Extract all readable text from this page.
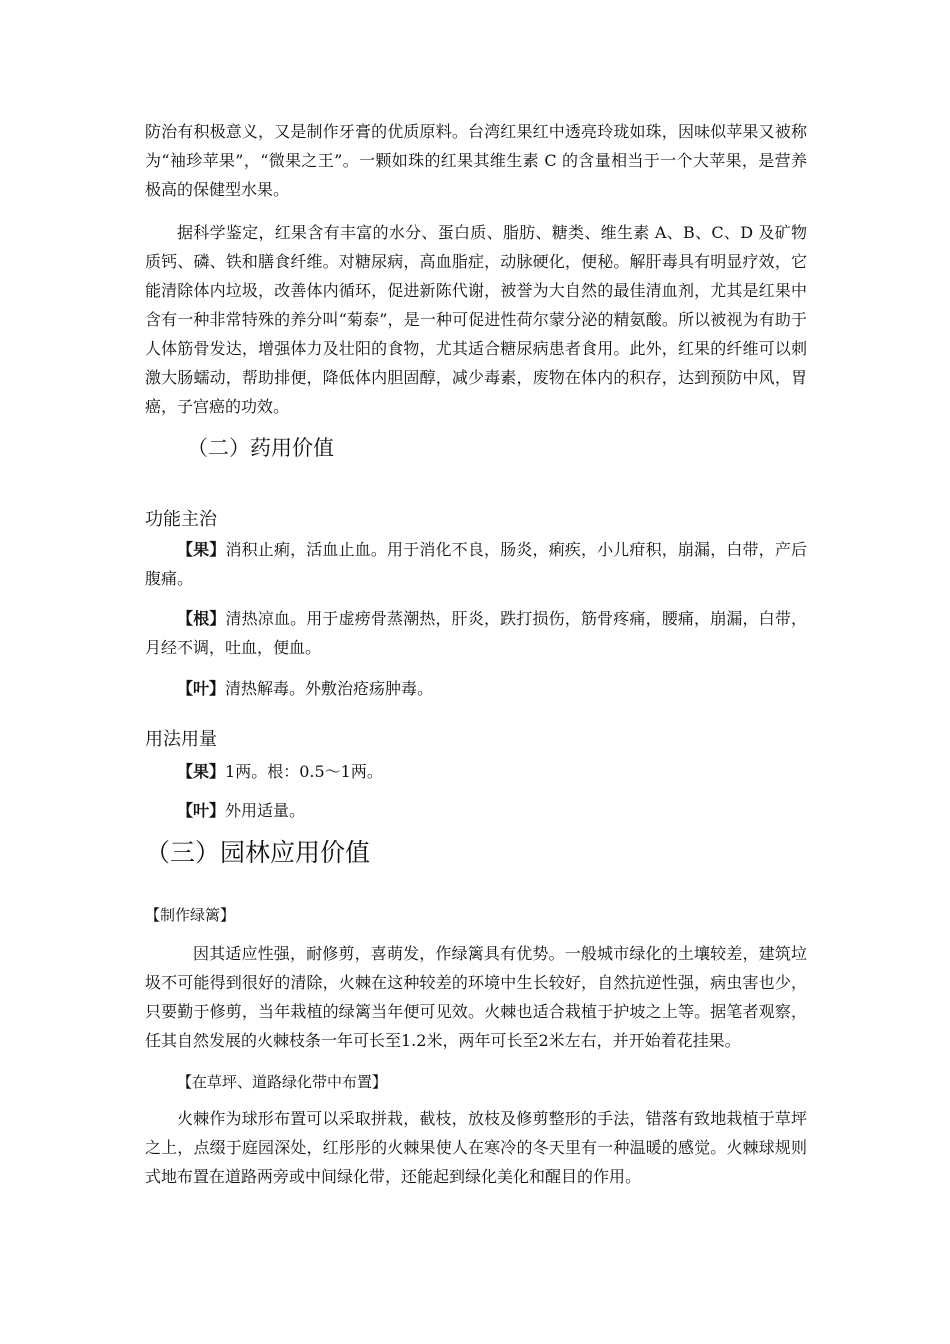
防治有积极意义，又是制作牙膏的优质原料。台湾红果红中透亮玲珑如珠，因味似苹果又被称为“袖珍苹果”，“微果之王”。一颗如珠的红果其维生素 C 的含量相当于一个大苹果，是营养极高的保健型水果。

据科学鉴定，红果含有丰富的水分、蛋白质、脂肪、糖类、维生素 A、B、C、D 及矿物质钙、磷、铁和膳食纤维。对糖尿病，高血脂症，动脉硬化，便秘。解肝毒具有明显疗效，它能清除体内垃圾，改善体内循环，促进新陈代谢，被誉为大自然的最佳清血剂，尤其是红果中含有一种非常特殊的养分叫“菊泰”，是一种可促进性荷尔蒙分泌的精氨酸。所以被视为有助于人体筋骨发达，增强体力及壮阳的食物，尤其适合糖尿病患者食用。此外，红果的纤维可以刺激大肠蠕动，帮助排便，降低体内胆固醇，减少毒素，废物在体内的积存，达到预防中风，胃癌，子宫癌的功效。

（二）药用价值
功能主治

【果】消积止痢，活血止血。用于消化不良，肠炎，痢疾，小儿疳积，崩漏，白带，产后腹痛。

【根】清热凉血。用于虚痨骨蒸潮热，肝炎，跌打损伤，筋骨疼痛，腰痛，崩漏，白带，月经不调，吐血，便血。

【叶】清热解毒。外敷治疮疡肿毒。

用法用量

【果】1两。根：0.5～1两。

【叶】外用适量。

（三）园林应用价值

【制作绿篱】

因其适应性强，耐修剪，喜萌发，作绿篱具有优势。一般城市绿化的土壤较差，建筑垃圾不可能得到很好的清除，火棘在这种较差的环境中生长较好，自然抗逆性强，病虫害也少，只要勤于修剪，当年栽植的绿篱当年便可见效。火棘也适合栽植于护坡之上等。据笔者观察，任其自然发展的火棘枝条一年可长至1.2米，两年可长至2米左右，并开始着花挂果。

【在草坪、道路绿化带中布置】

火棘作为球形布置可以采取拼栽，截枝，放枝及修剪整形的手法，错落有致地栽植于草坪之上，点缀于庭园深处，红彤彤的火棘果使人在寒冷的冬天里有一种温暖的感觉。火棘球规则式地布置在道路两旁或中间绿化带，还能起到绿化美化和醒目的作用。
